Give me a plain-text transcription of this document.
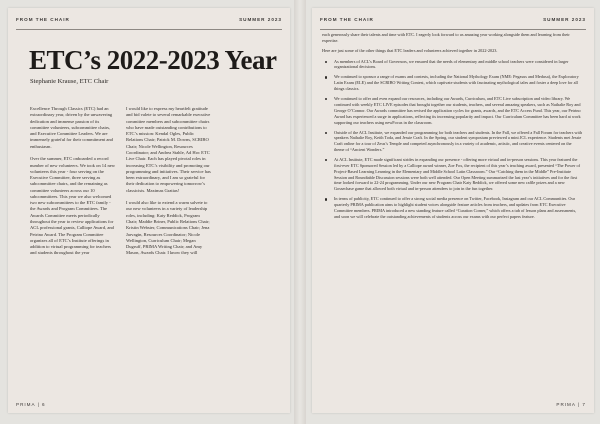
FROM THE CHAIR	SUMMER 2023
ETC’s 2022-2023 Year
Stephanie Krause, ETC Chair

Excellence Through Classics (ETC) had an extraordinary year, driven by the unwavering dedication and immense passion of its committee volunteers, subcommittee chairs, and Executive Committee Leaders. We are immensely grateful for their commitment and enthusiasm.

Over the summer, ETC onboarded a record number of new volunteers. We took on 14 new volunteers this year - four serving on the Executive Committee, three serving as subcommittee chairs, and the remaining as committee volunteers across our 10 subcommittees. This year we also welcomed two new subcommittees to the ETC family - the Awards and Program Committees. The Awards Committee meets periodically throughout the year to review applications for ACL professional grants, Calliope Award, and Petrino Award. The Program Committee organizes all of ETC’s Institute offerings in addition to virtual programming for teachers and students throughout the year

I would like to express my heartfelt gratitude and bid valete to several remarkable executive committee members and subcommittee chairs who have made outstanding contributions to ETC’s mission: Kendal Ogles, Public Relations Chair; Patrick M. Downs, SCRIBO Chair; Nicole Wellington, Resources Coordinator; and Andrea Stahle, Ad Hoc ETC Live Chair. Each has played pivotal roles in increasing ETC’s visibility and promoting our programming and initiatives. Their service has been extraordinary, and I am so grateful for their dedication to empowering tomorrow’s classicists. Maximas Gratias!

I would also like to extend a warm salvete to our new volunteers in a variety of leadership roles, including: Katy Reddick, Program Chair; Maddie Briner, Public Relations Chair; Kristin Webster, Communications Chair; Jena Jarvagin, Resources Coordinator; Nicole Wellington, Curriculum Chair; Megan Dugruff, PRIMA Writing Chair; and Amy Mason, Awards Chair. I know they will

PRIMA | 6
FROM THE CHAIR	SUMMER 2023

each generously share their talents and time with ETC. I eagerly look forward to us amazing year working alongside them and learning from their expertise.

Here are just some of the other things that ETC leaders and volunteers achieved together in 2022-2023.

As members of ACL’s Board of Governors, we ensured that the needs of elementary and middle school teachers were considered in larger organizational decisions.
We continued to sponsor a range of exams and contests, including the National Mythology Exam (NME: Pegasus and Medusa), the Exploratory Latin Exam (ELE) and the SCRIBO Writing Contest, which captivate students with fascinating mythological tales and foster a deep love for all things classics.
We continued to offer and even expand our resources, including our Awards, Curriculum, and ETC Live subscription and video library. We continued with weekly ETC LIVE episodes that brought together our students, teachers, and several amazing speakers, such as Nathalie Roy and George O’Connor. Our Awards committee has revised the application cycles for grants, awards, and the ETC Access Fund. This year, our Petrino Award has experienced a surge in applications, reflecting its increasing popularity and impact. Our Curriculum Committee has been hard at work supporting our teachers using newFocus in the classroom.
Outside of the ACL Institute, we expanded our programming for both teachers and students. In the Fall, we offered a Fall Forum for teachers with speakers Nathalie Roy, Keith Toda, and Jessie Craft. In the Spring, our student symposium previewed a mini JCL experience. Students met Jessie Craft online for a tour of Zeus’s Temple and competed asynchronously in a variety of academic, artistic, and creative events centered on the theme of “Ancient Wonders.”
At ACL Institute, ETC made significant strides in expanding our presence - offering more virtual and in-person sessions. This year featured the first-ever ETC Sponsored Session led by a Calliope award winner, Zoe Fox, the recipient of this year’s teaching award, presented “The Power of Project-Based Learning Learning in the Elementary and Middle School Latin Classroom.” Our “Catching them in the Middle” Pre-Institute Session and Roundtable Discussion sessions were both well attended. Our Open Meeting summarized the last year’s initiatives and for the first time looked forward to 22-24 programming. Under our new Program Chair Katy Reddick, we offered some new raffle prizes and a new Gossechase game that allowed both virtual and in-person attendees to join in the fun together.
In terms of publicity, ETC continued to offer a strong social media presence on Twitter, Facebook, Instagram and our ACL Communities. Our quarterly PRIMA publication aims to highlight student voices alongside feature articles from teachers, and updates from ETC Executive Committee members. PRIMA introduced a new standing feature called “Curation Corner,” which offers a tub of lesson plans and assessments, and soon we will celebrate the outstanding achievements of students across our exams with our perfect papers feature.
PRIMA | 7
